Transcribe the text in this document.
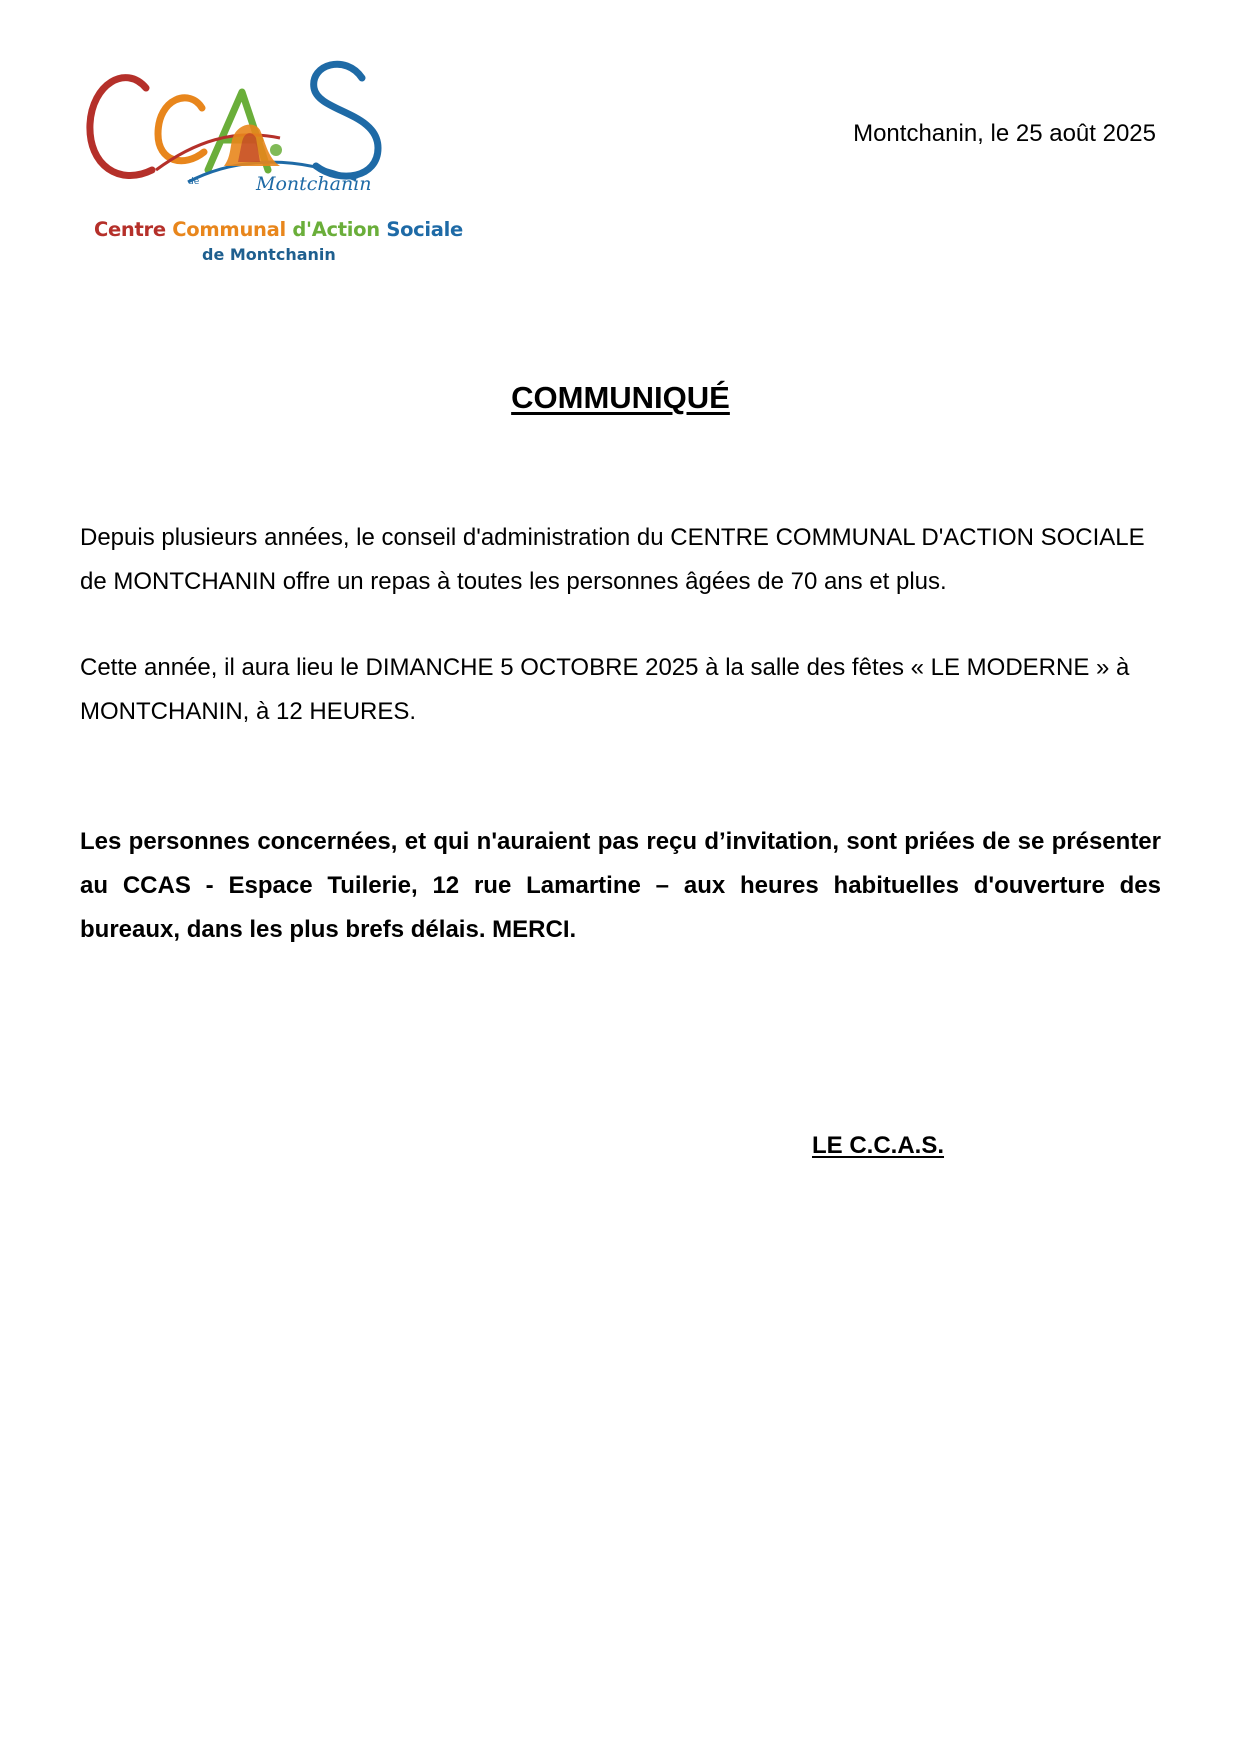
de	Montchanin
Centre Communal d'Action Sociale
de Montchanin
Montchanin, le 25 août 2025
COMMUNIQUÉ

Depuis plusieurs années, le conseil d'administration du CENTRE COMMUNAL D'ACTION SOCIALE de MONTCHANIN offre un repas à toutes les personnes âgées de 70 ans et plus.

Cette année, il aura lieu le DIMANCHE 5 OCTOBRE 2025 à la salle des fêtes « LE MODERNE » à MONTCHANIN, à 12 HEURES.

Les personnes concernées, et qui n'auraient pas reçu d’invitation, sont priées de se présenter au CCAS - Espace Tuilerie, 12 rue Lamartine – aux heures habituelles d'ouverture des bureaux, dans les plus brefs délais. MERCI.

LE C.C.A.S.
